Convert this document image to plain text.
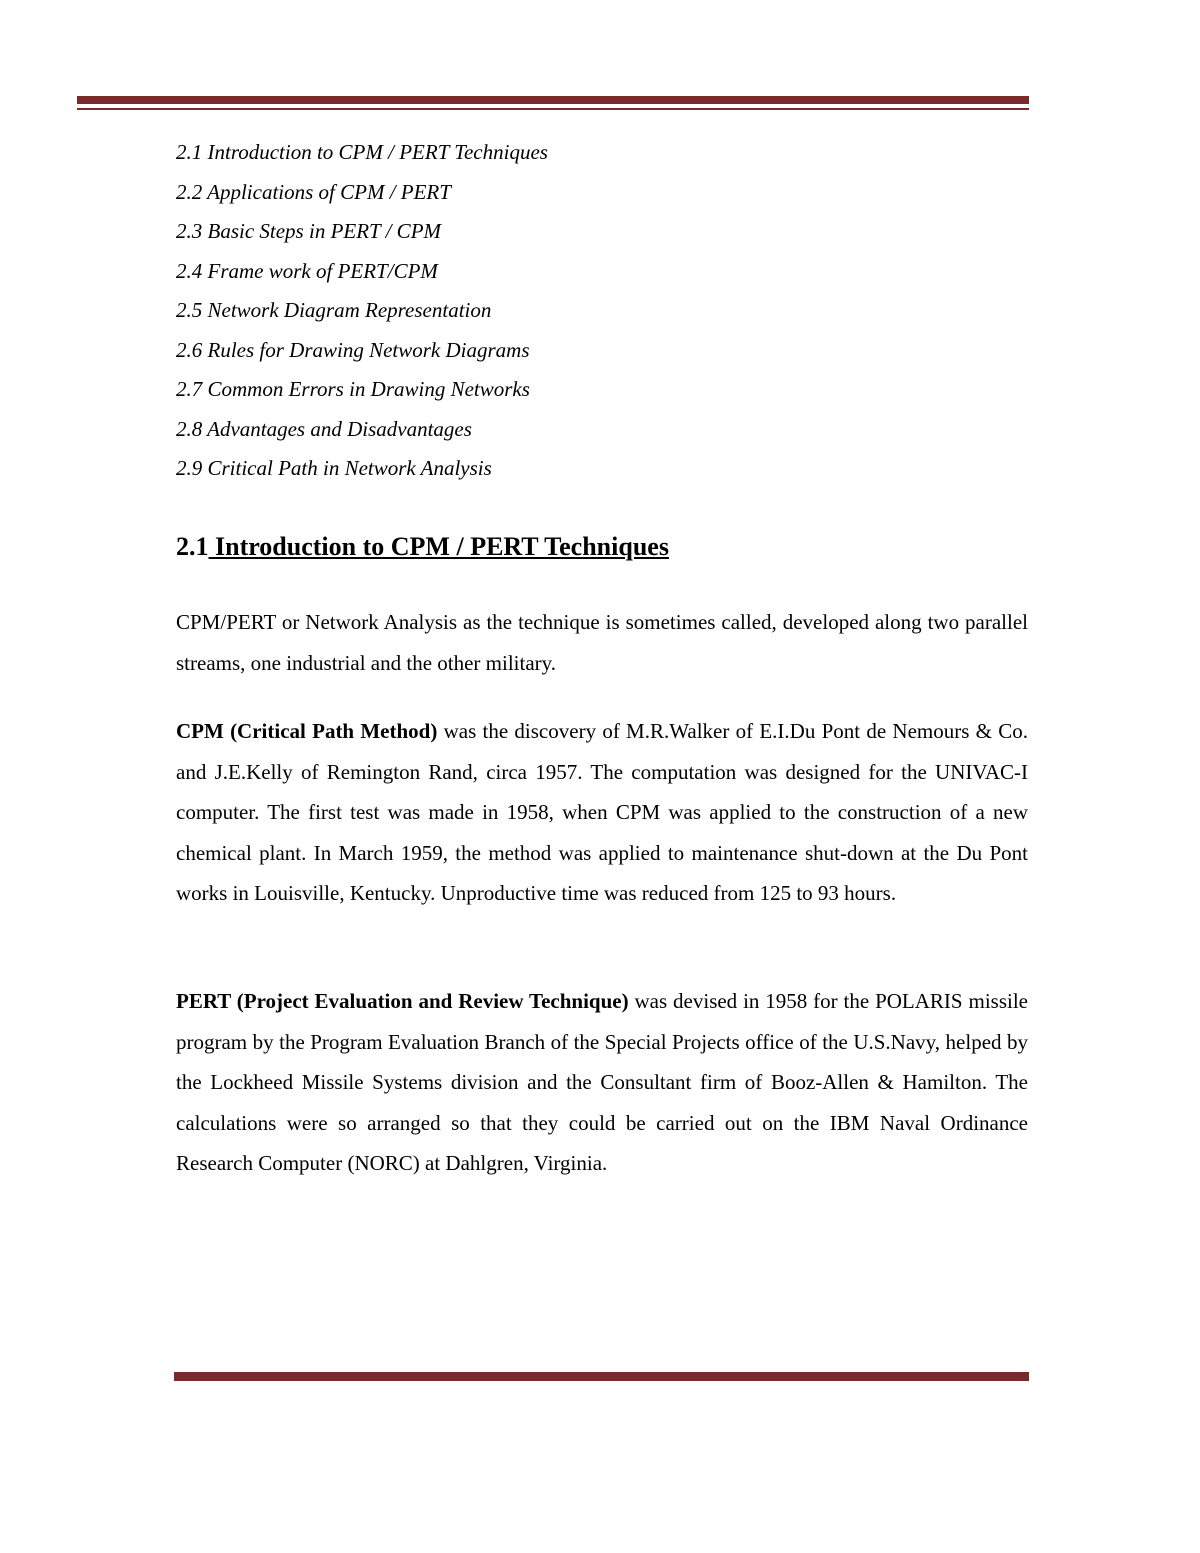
2.1 Introduction to CPM / PERT Techniques
2.2 Applications of CPM / PERT
2.3 Basic Steps in PERT / CPM
2.4 Frame work of PERT/CPM
2.5 Network Diagram Representation
2.6 Rules for Drawing Network Diagrams
2.7 Common Errors in Drawing Networks
2.8 Advantages and Disadvantages
2.9 Critical Path in Network Analysis
2.1 Introduction to CPM / PERT Techniques

CPM/PERT or Network Analysis as the technique is sometimes called, developed along two parallel streams, one industrial and the other military.

CPM (Critical Path Method) was the discovery of M.R.Walker of E.I.Du Pont de Nemours & Co. and J.E.Kelly of Remington Rand, circa 1957. The computation was designed for the UNIVAC-I computer. The first test was made in 1958, when CPM was applied to the construction of a new chemical plant. In March 1959, the method was applied to maintenance shut-down at the Du Pont works in Louisville, Kentucky. Unproductive time was reduced from 125 to 93 hours.

PERT (Project Evaluation and Review Technique) was devised in 1958 for the POLARIS missile program by the Program Evaluation Branch of the Special Projects office of the U.S.Navy, helped by the Lockheed Missile Systems division and the Consultant firm of Booz-Allen & Hamilton. The calculations were so arranged so that they could be carried out on the IBM Naval Ordinance Research Computer (NORC) at Dahlgren, Virginia.
